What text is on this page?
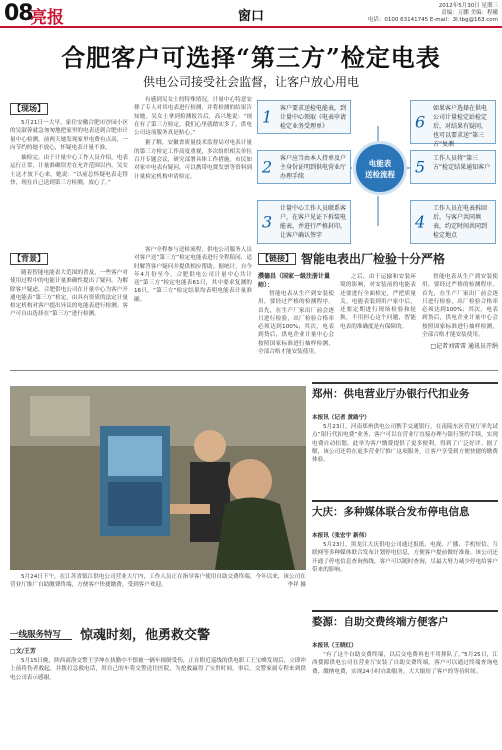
08
亮报	窗口
2012年5月30日 星期三
责编：万鹏 美编：程曦
电话：0100 63141745 E-mail：3l.tbg@163.com
合肥客户可选择“第三方”检定电表
供电公司接受社会监督，让客户放心用电
【现场】

5月21日一大早，家住安徽合肥市沙园小区的吴淑蓉就急匆匆地把家里的电表送到合肥市计量中心检测。前两天她发现家里电费有点高，一向节约的她不放心，怀疑电表计量不准。

抽检完，由于计量中心工作人员介绍，电表运行正常，计量准确误差在允许范围以内，吴女士这才放下心来。她说：“以前总怀疑电表走得快，现在自己送到第三方检测，放心了。”

有感到吴女士的特殊情况，计量中心特意安排了专人对其电表进行检测，并将检测的结果告知她。吴女士拿到检测报告后，高兴地说：“现在有了第三方检定，我们心里就踏实多了，供电公司这项服务真是贴心。”

据了解，安徽省质量技术监督局对电表计量的第三方检定工作高度重视，多次组织相关单位召开专题会议，研究部署具体工作措施。市民如对家中电表有疑问，可以携带电费发票等资料到计量检定机构申请检定。

1 客户要求送检电能表，到计量中心领取《电表申请检定业务受理单》
2 客户应当由本人持单及户主身份证明到供电营业厅办理手续
3
计量中心工作人员联系客户，在客户见证下拆装电能表，并进行严格封印，让客户确认签字
电能表
送检流程
4
工作人员在电表拆回后，与客户共同填表，约定时间共同到检定地点
5 工作人员将“第三方”检定结果通知客户
6
如果客户选择在供电公司计量检定站检定后，对结果有疑问，也可以要求送“第三方”复测
【背景】

随着智能电能表大范围的普及，一些客户对使用过程中的电能计量准确性提出了疑问。为解除客户疑虑，合肥供电公司在计量中心为客户开通电能表“第三方”检定，由具有资质的法定计量检定机构对客户提出异议的电能表进行检测。客户可自由选择在“第三方”进行检测。

客户全程参与送检流程，供电公司服务人员对客户送“第三方”检定电能表进行全程陪同，适时解答客户疑问并提供相应帮助。据统计，自今年4月份至今，合肥供电公司计量中心共计送“第三方”检定电能表61只，其中要求复测的16只，“第三方”检定结果均表明电能表计量准确。

【链接】 智能电表出厂检验十分严格
濮德昌（国家一级注册计量师）：

智能电表从生产到安装使用，要经过严格的检测程序。首先，在生产厂家出厂前会逐只进行检验，出厂检验合格率必须达到100%；其次，电表到货后，供电企业计量中心会按照国家标准进行抽样检测，全部合格才能安装使用。

之后，由于运输和安装环境的影响，对安装前的电能表还要进行全面检定，严把质量关。电能表装到用户家中后，还要定期进行现场检验和轮换。不用担心这个问题，智能电表的准确度是有保障的。

智能电表从生产到安装使用，要经过严格的检测程序。首先，在生产厂家出厂前会逐只进行检验，出厂检验合格率必须达到100%；其次，电表到货后，供电企业计量中心会按照国家标准进行抽样检测，全部合格才能安装使用。

□记者刘雷雷 通讯员开绢
5月24日下午，在江苏省镇江供电公司营业大厅内，工作人员正在指导客户使用自助交费终端。今年以来，该公司在营业厅推广自助缴费终端，方便客户快捷缴费，受到客户欢迎。	李祥 摄
郑州：供电营业厅办银行代扣业务
本报讯（记者 黄路宁）

5月23日，河南郑州供电公司携手交通银行，在南陵东区营业厅率先试点“银行代扣电费”业务，客户可以在营业厅直接办理与银行签约手续，实现电费自动扣划。此举为客户缴费提供了更多便利，得到了广泛好评。据了解，该公司还将在更多营业厅推广这项服务，让客户享受到方便快捷的缴费体验。

大庆：多种媒体联合发布停电信息
本报讯（张宏宇 新伟）

5月23日，黑龙江大庆供电公司通过报纸、电视、广播、手机短信、互联网等多种媒体联合发布计划停电信息，方便客户提前做好准备。该公司还开通了停电信息查询热线，客户可以随时查询，尽最大努力减少停电给客户带来的影响。

婺源：自助交费终端方便客户
本报讯（王晓红）

“有了这个自助交费终端，以后交电费再也不用排队了。”5月25日，江西婺源供电公司在营业厅安装了自助交费终端，客户可以通过终端查询电费、缴纳电费，实现24小时自助服务，大大缩短了客户的等待时间。

一线服务特写	惊魂时刻，他勇救交警
□文/王芳

5月15日晚，陕西商洛交警王学坤在执勤中不慎被一辆车撞倒受伤，正在附近巡线的供电职工王宝峰发现后，立即冲上前将伤者救起，并拨打急救电话，用自己的车将交警送往医院，为抢救赢得了宝贵时间。事后，交警家属专程来到供电公司表示感谢。
